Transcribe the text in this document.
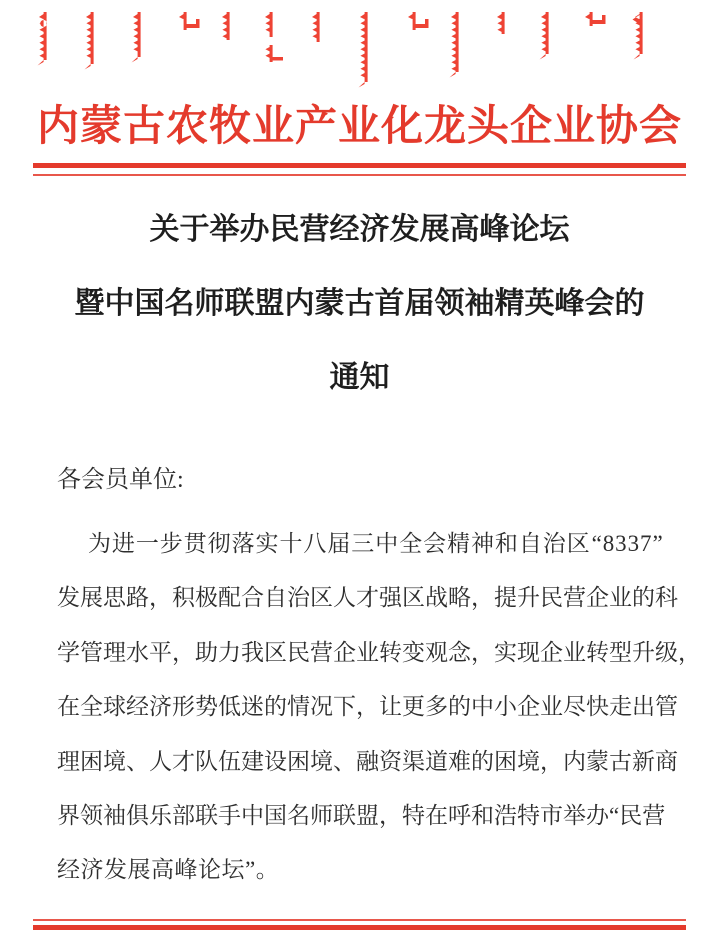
内蒙古农牧业产业化龙头企业协会
关于举办民营经济发展高峰论坛
暨中国名师联盟内蒙古首届领袖精英峰会的
通知
各会员单位:
为 进 一 步 贯 彻 落 实 十 八 届 三 中 全 会 精 神 和 自 治 区 “ 8 3 3 7 ”
发 展 思 路 ， 积 极 配 合 自 治 区 人 才 强 区 战 略 ， 提 升 民 营 企 业 的 科
学 管 理 水 平 ， 助 力 我 区 民 营 企 业 转 变 观 念 ， 实 现 企 业 转 型 升 级 ，
在 全 球 经 济 形 势 低 迷 的 情 况 下 ， 让 更 多 的 中 小 企 业 尽 快 走 出 管
理 困 境 、 人 才 队 伍 建 设 困 境 、 融 资 渠 道 难 的 困 境 ， 内 蒙 古 新 商
界 领 袖 俱 乐 部 联 手 中 国 名 师 联 盟 ， 特 在 呼 和 浩 特 市 举 办 “ 民 营
经济发展高峰论坛”。
